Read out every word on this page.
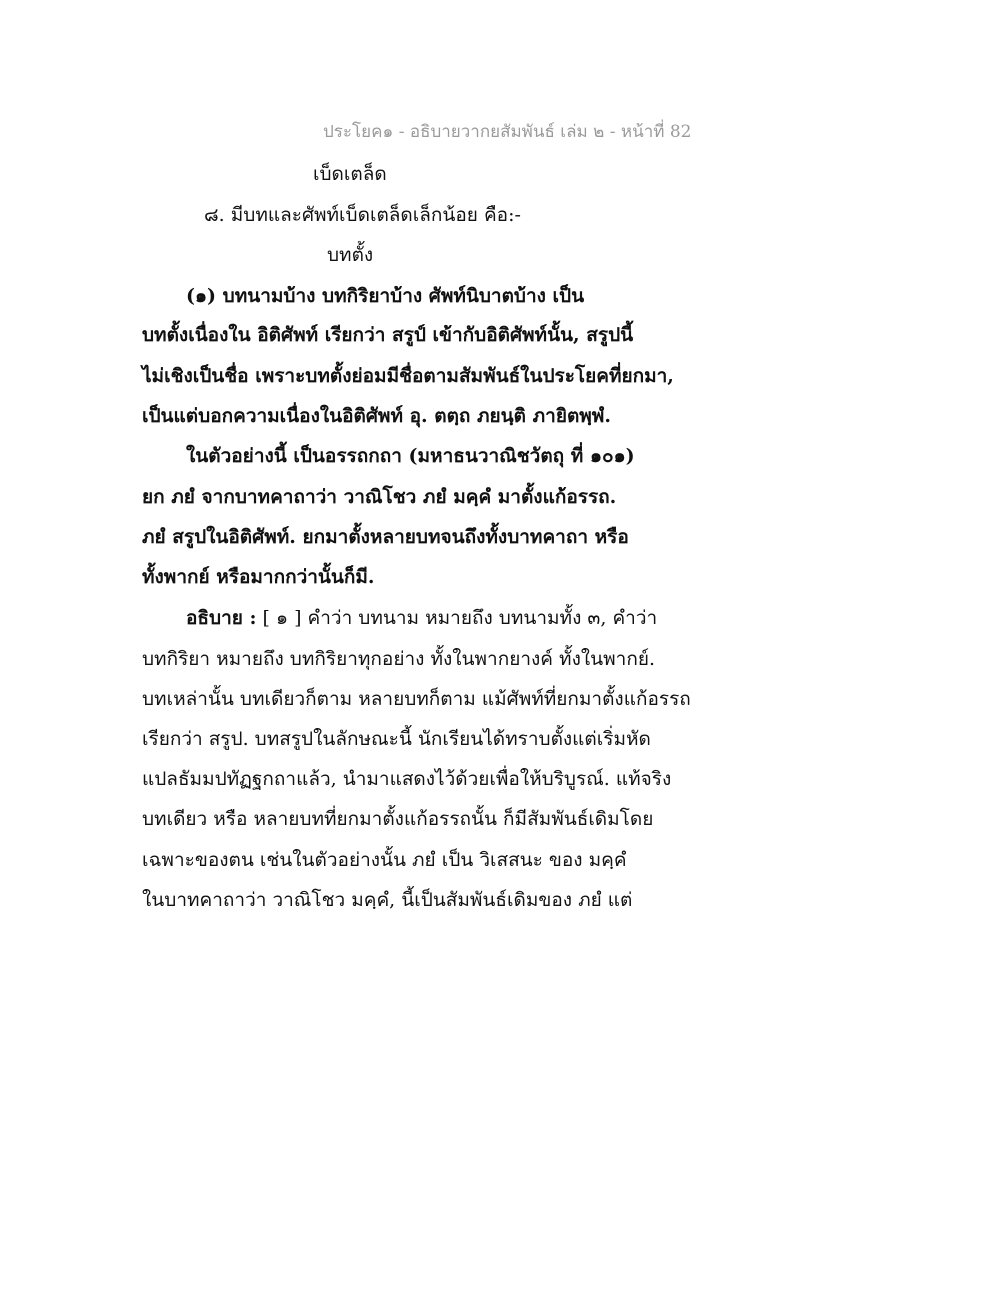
ประโยค๑ - อธิบายวากยสัมพันธ์ เล่ม ๒ - หน้าที่ 82
เบ็ดเตล็ด
๘. มีบทและศัพท์เบ็ดเตล็ดเล็กน้อย คือ:-
บทตั้ง
(๑) บทนามบ้าง บทกิริยาบ้าง ศัพท์นิบาตบ้าง เป็น
บทตั้งเนื่องใน อิติศัพท์ เรียกว่า สรูป์ เข้ากับอิติศัพท์นั้น, สรูปนี้
ไม่เชิงเป็นชื่อ เพราะบทตั้งย่อมมีชื่อตามสัมพันธ์ในประโยคที่ยกมา,
เป็นแต่บอกความเนื่องในอิติศัพท์ อุ. ตตฺถ ภยนฺติ ภายิตพฺพํ.
ในตัวอย่างนี้ เป็นอรรถกถา (มหาธนวาณิชวัตถุ ที่ ๑๐๑)
ยก ภยํ จากบาทคาถาว่า วาณิโชว ภยํ มคฺคํ มาตั้งแก้อรรถ.
ภยํ สรูปในอิติศัพท์. ยกมาตั้งหลายบทจนถึงทั้งบาทคาถา หรือ
ทั้งพากย์ หรือมากกว่านั้นก็มี.
อธิบาย : [ ๑ ] คำว่า บทนาม หมายถึง บทนามทั้ง ๓, คำว่า
บทกิริยา หมายถึง บทกิริยาทุกอย่าง ทั้งในพากยางค์ ทั้งในพากย์.
บทเหล่านั้น บทเดียวก็ตาม หลายบทก็ตาม แม้ศัพท์ที่ยกมาตั้งแก้อรรถ
เรียกว่า สรูป. บทสรูปในลักษณะนี้ นักเรียนได้ทราบตั้งแต่เริ่มหัด
แปลธัมมปทัฏฐกถาแล้ว, นำมาแสดงไว้ด้วยเพื่อให้บริบูรณ์. แท้จริง
บทเดียว หรือ หลายบทที่ยกมาตั้งแก้อรรถนั้น ก็มีสัมพันธ์เดิมโดย
เฉพาะของตน เช่นในตัวอย่างนั้น ภยํ เป็น วิเสสนะ ของ มคฺคํ
ในบาทคาถาว่า วาณิโชว มคฺคํ, นี้เป็นสัมพันธ์เดิมของ ภยํ แต่
